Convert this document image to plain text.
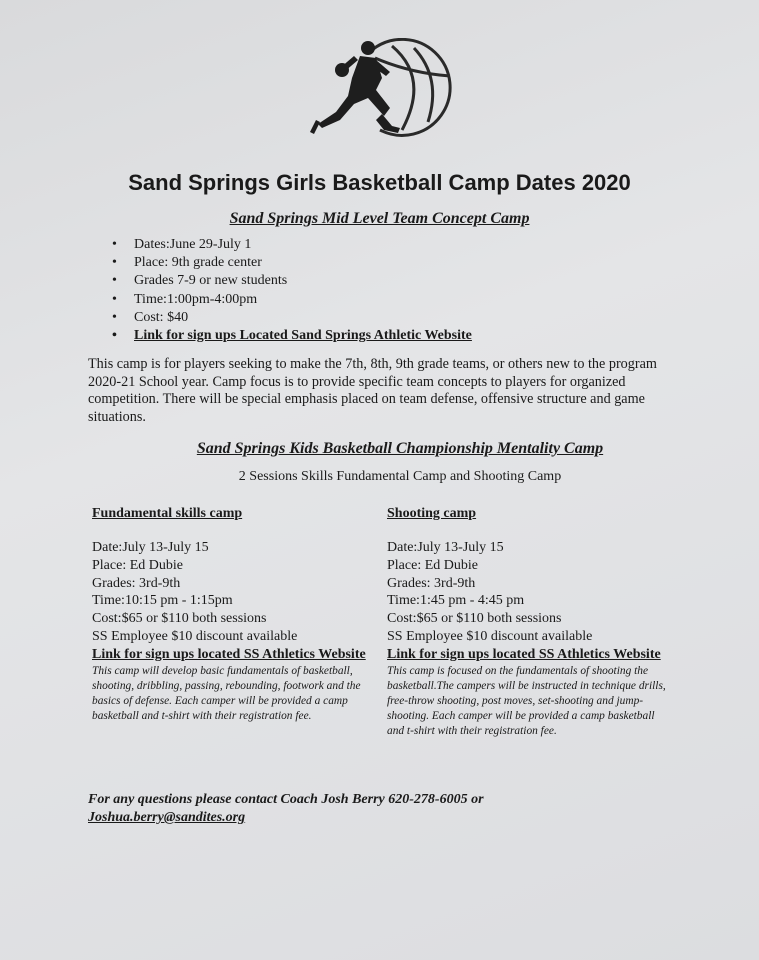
Sand Springs Girls Basketball Camp Dates 2020
Sand Springs Mid Level Team Concept Camp
• Dates:June 29-July 1
• Place: 9th grade center
• Grades 7-9 or new students
• Time:1:00pm-4:00pm
• Cost: $40
• Link for sign ups Located Sand Springs Athletic Website
This camp is for players seeking to make the 7th, 8th, 9th grade teams, or others new to the program 2020-21 School year. Camp focus is to provide specific team concepts to players for organized competition. There will be special emphasis placed on team defense, offensive structure and game situations.
Sand Springs Kids Basketball Championship Mentality Camp
2 Sessions Skills Fundamental Camp and Shooting Camp
Fundamental skills camp
Date:July 13-July 15
Place: Ed Dubie
Grades: 3rd-9th
Time:10:15 pm - 1:15pm
Cost:$65 or $110 both sessions
SS Employee $10 discount available
Link for sign ups located SS Athletics Website
This camp will develop basic fundamentals of basketball, shooting, dribbling, passing, rebounding, footwork and the basics of defense. Each camper will be provided a camp basketball and t-shirt with their registration fee.
Shooting camp
Date:July 13-July 15
Place: Ed Dubie
Grades: 3rd-9th
Time:1:45 pm - 4:45 pm
Cost:$65 or $110 both sessions
SS Employee $10 discount available
Link for sign ups located SS Athletics Website
This camp is focused on the fundamentals of shooting the basketball.The campers will be instructed in technique drills, free-throw shooting, post moves, set-shooting and jump-shooting. Each camper will be provided a camp basketball and t-shirt with their registration fee.
For any questions please contact Coach Josh Berry 620-278-6005 or
Joshua.berry@sandites.org
